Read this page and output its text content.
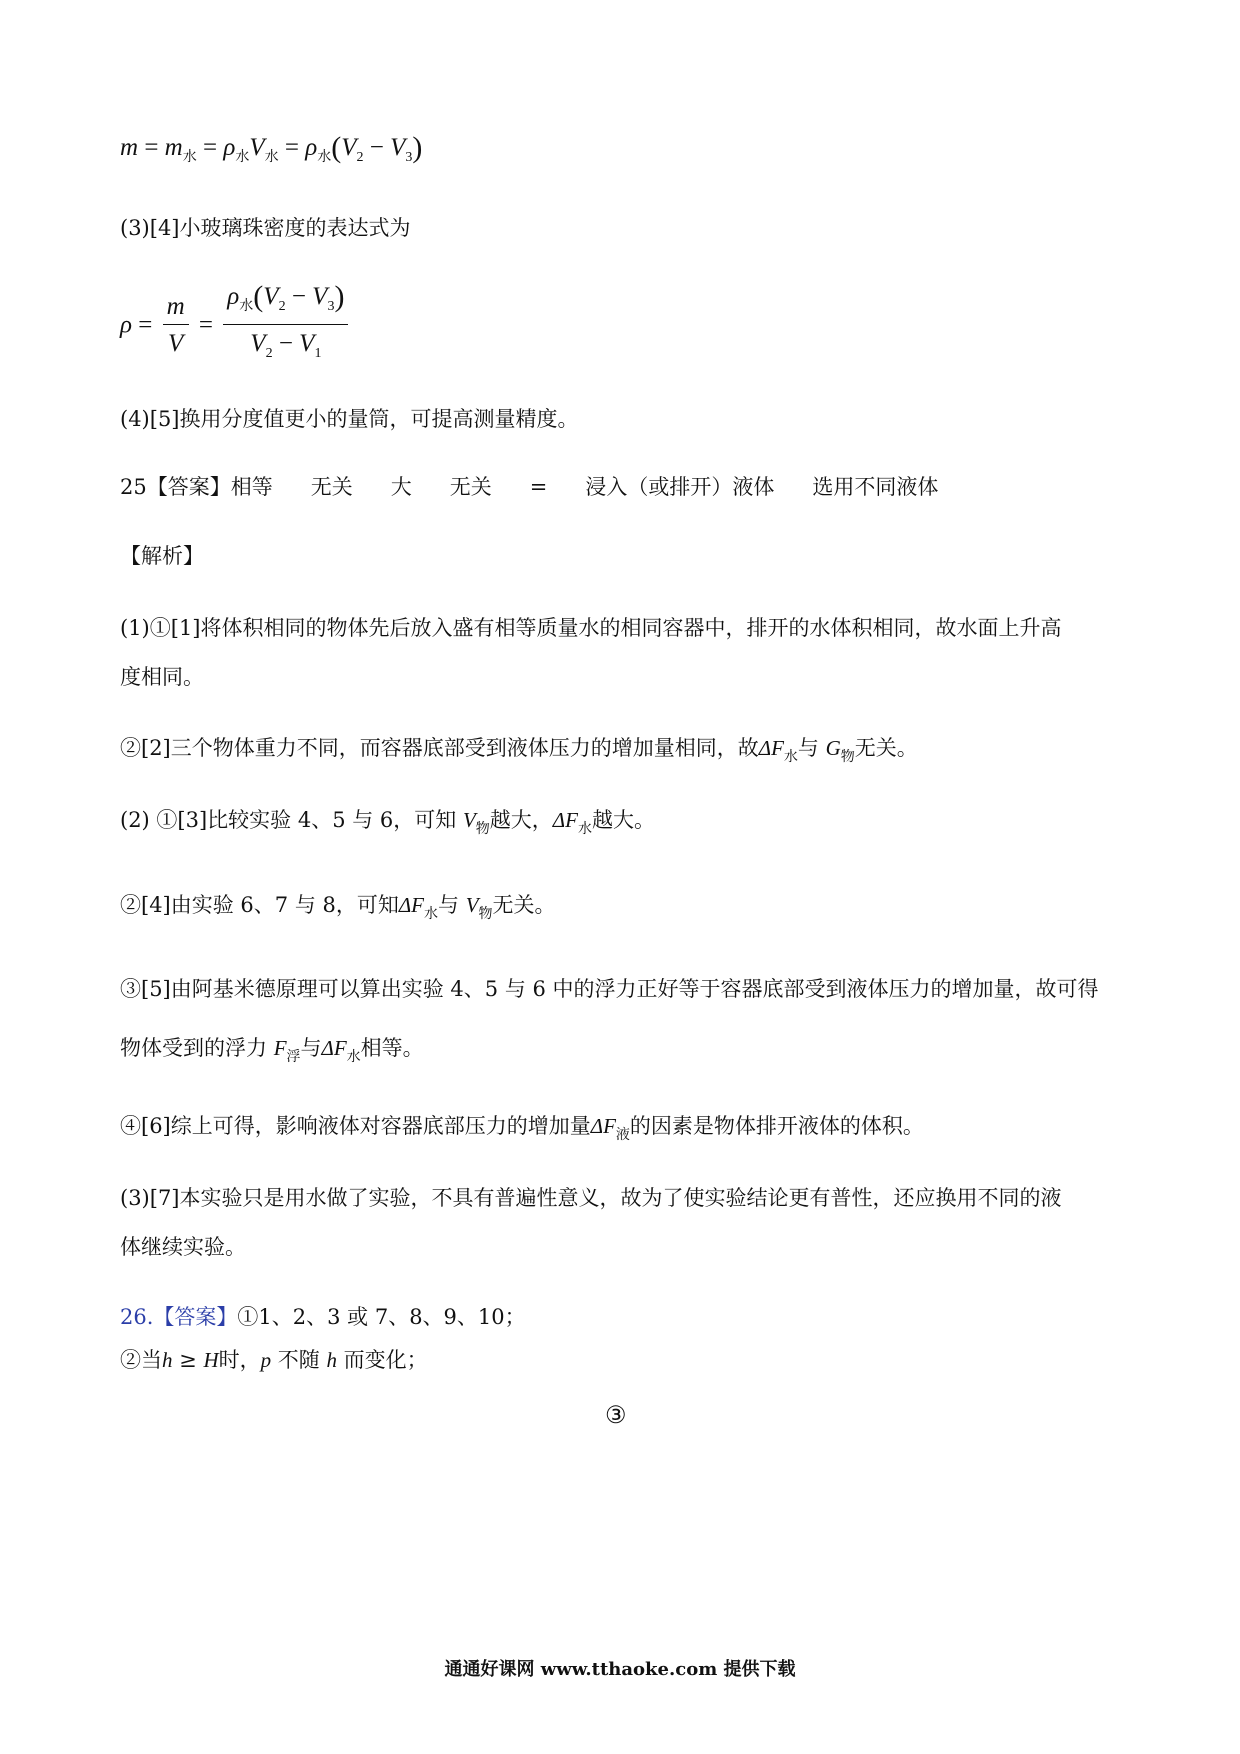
$m = m_水 = \rho_水V_水 = \rho_水(V_2 - V_3)$
(3)[4]小玻璃珠密度的表达式为
$\rho = \frac{m}{V} = \frac{\rho_水(V_2 - V_3)}{V_2 - V_1}$
(4)[5]换用分度值更小的量筒，可提高测量精度。
25【答案】相等 无关 大 无关 = 浸入（或排开）液体 选用不同液体
【解析】
(1)①[1]将体积相同的物体先后放入盛有相等质量水的相同容器中，排开的水体积相同，故水面上升高
度相同。
②[2]三个物体重力不同，而容器底部受到液体压力的增加量相同，故$\Delta F_水$与 $G_物$无关。
(2) ①[3]比较实验 4、5 与 6，可知 $V_物$越大，$\Delta F_水$越大。
②[4]由实验 6、7 与 8，可知$\Delta F_水$与 $V_物$无关。
③[5]由阿基米德原理可以算出实验 4、5 与 6 中的浮力正好等于容器底部受到液体压力的增加量，故可得
物体受到的浮力 $F_浮$与$\Delta F_水$相等。
④[6]综上可得，影响液体对容器底部压力的增加量$\Delta F_液$的因素是物体排开液体的体积。
(3)[7]本实验只是用水做了实验，不具有普遍性意义，故为了使实验结论更有普性，还应换用不同的液
体继续实验。
26.【答案】①1、2、3 或 7、8、9、10；
②当h ≥ H时，p 不随 h 而变化；
③
通通好课网 www.tthaoke.com 提供下载
